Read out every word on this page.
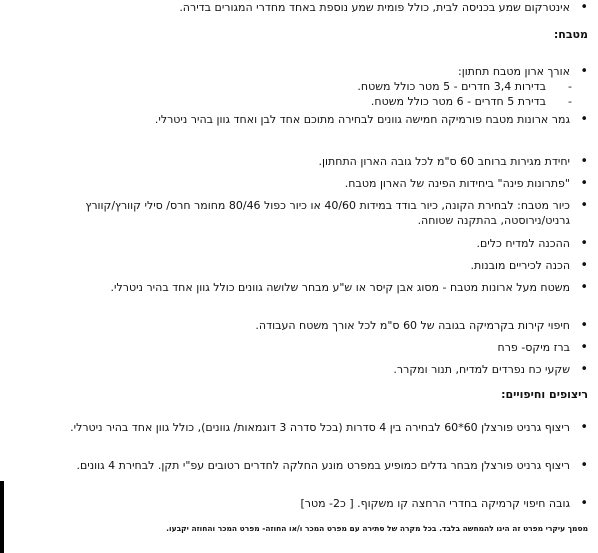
• אינטרקום שמע בכניסה לבית, כולל פומית שמע נוספת באחד מחדרי המגורים בדירה.
מטבח:
• אורך ארון מטבח תחתון:
- בדירות 3,4 חדרים - 5 מטר כולל משטח.
- בדירת 5 חדרים - 6 מטר כולל משטח.
• גמר ארונות מטבח פורמיקה חמישה גוונים לבחירה מתוכם אחד לבן ואחד גוון בהיר ניטרלי.
• יחידת מגירות ברוחב 60 ס"מ לכל גובה הארון התחתון.
• "פתרונות פינה" ביחידות הפינה של הארון מטבח.
• כיור מטבח: לבחירת הקונה, כיור בודד במידות 40/60 או כיור כפול 80/46 מחומר חרס/ סילי קוורץ/קוורץ גרניט/נירוסטה, בהתקנה שטוחה.
• ההכנה למדיח כלים.
• הכנה לכיריים מובנות.
• משטח מעל ארונות מטבח - מסוג אבן קיסר או ש"ע מבחר שלושה גוונים כולל גוון אחד בהיר ניטרלי.
• חיפוי קירות בקרמיקה בגובה של 60 ס"מ לכל אורך משטח העבודה.
• ברז מיקס- פרח
• שקעי כח נפרדים למדיח, תנור ומקרר.
ריצופים וחיפויים:
• ריצוף גרניט פורצלן 60*60 לבחירה בין 4 סדרות (בכל סדרה 3 דוגמאות/ גוונים), כולל גוון אחד בהיר ניטרלי.
• ריצוף גרניט פורצלן מבחר גדלים כמופיע במפרט מונע החלקה לחדרים רטובים עפ"י תקן. לבחירת 4 גוונים.
• גובה חיפוי קרמיקה בחדרי הרחצה קו משקוף. [ כ2- מטר]
מסמך עיקרי מפרט זה הינו להמחשה בלבד. בכל מקרה של סתירה עם מפרט המכר ו/או החוזה- מפרט המכר והחוזה יקבעו.
